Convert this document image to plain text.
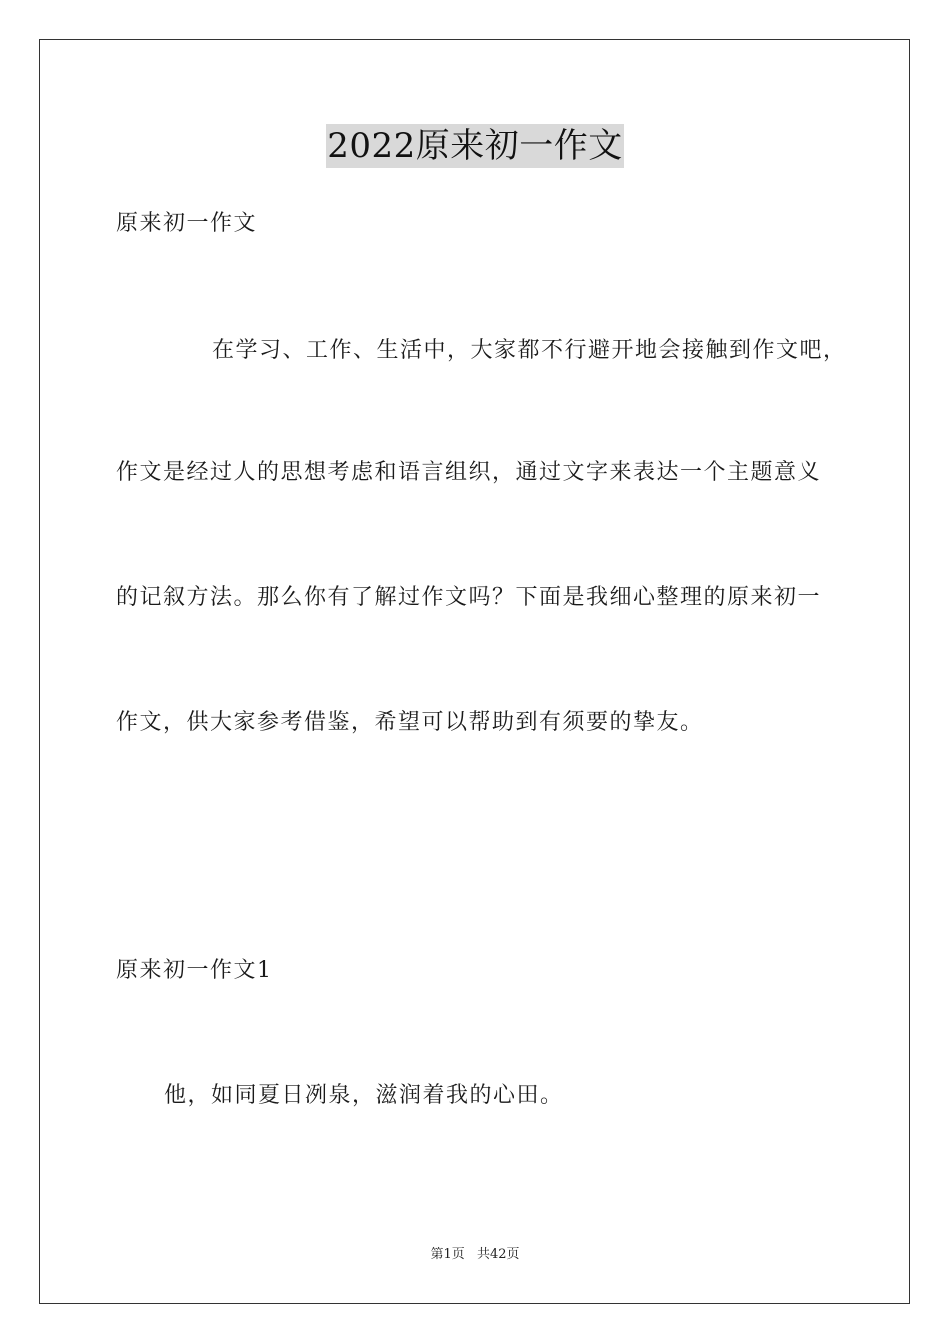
2022原来初一作文
原来初一作文
在学习、工作、生活中，大家都不行避开地会接触到作文吧，
作文是经过人的思想考虑和语言组织，通过文字来表达一个主题意义
的记叙方法。那么你有了解过作文吗？下面是我细心整理的原来初一
作文，供大家参考借鉴，希望可以帮助到有须要的挚友。
原来初一作文1
他，如同夏日冽泉，滋润着我的心田。
第1页 共42页
